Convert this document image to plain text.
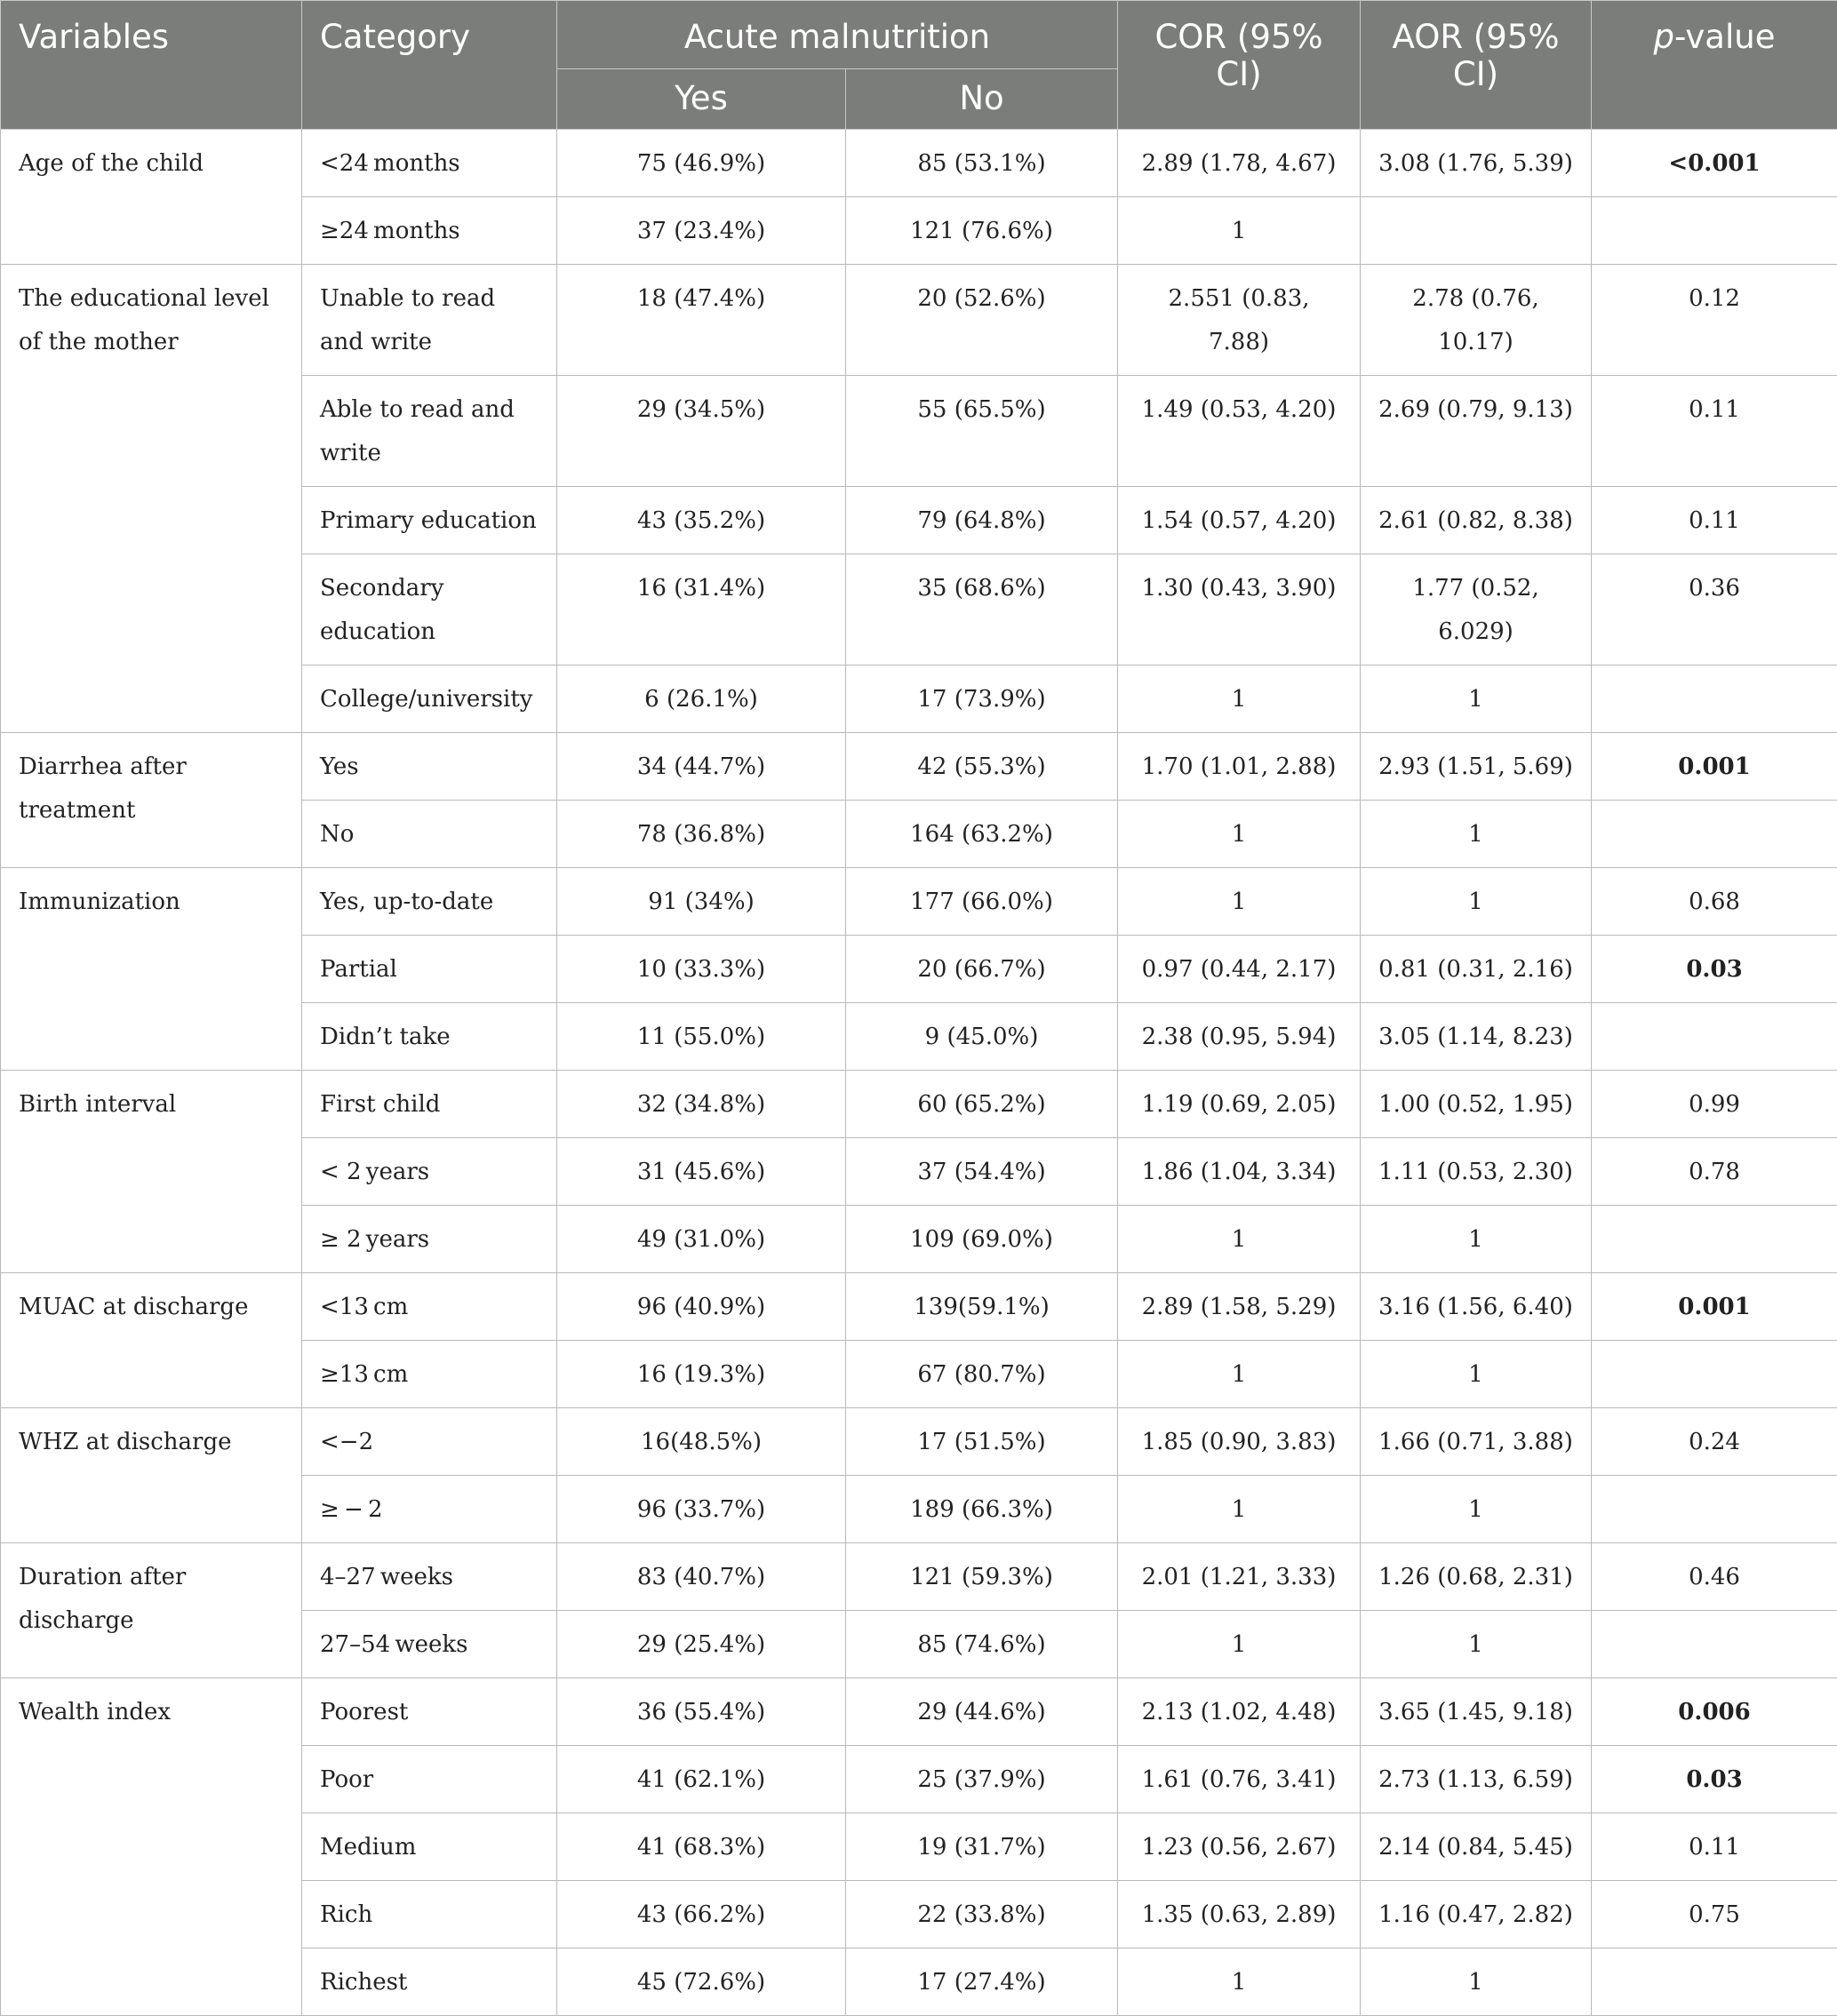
Variables	Category	Acute malnutrition		COR (95% CI)	AOR (95% CI)	p-value
		Yes	No			
Age of the child	<24 months	75 (46.9%)	85 (53.1%)	2.89 (1.78, 4.67)	3.08 (1.76, 5.39)	<0.001
	≥24 months	37 (23.4%)	121 (76.6%)	1		
The educational level of the mother	Unable to read and write	18 (47.4%)	20 (52.6%)	2.551 (0.83, 7.88)	2.78 (0.76, 10.17)	0.12
	Able to read and write	29 (34.5%)	55 (65.5%)	1.49 (0.53, 4.20)	2.69 (0.79, 9.13)	0.11
	Primary education	43 (35.2%)	79 (64.8%)	1.54 (0.57, 4.20)	2.61 (0.82, 8.38)	0.11
	Secondary education	16 (31.4%)	35 (68.6%)	1.30 (0.43, 3.90)	1.77 (0.52, 6.029)	0.36
	College/university	6 (26.1%)	17 (73.9%)	1	1	
Diarrhea after treatment	Yes	34 (44.7%)	42 (55.3%)	1.70 (1.01, 2.88)	2.93 (1.51, 5.69)	0.001
	No	78 (36.8%)	164 (63.2%)	1	1	
Immunization	Yes, up-to-date	91 (34%)	177 (66.0%)	1	1	0.68
	Partial	10 (33.3%)	20 (66.7%)	0.97 (0.44, 2.17)	0.81 (0.31, 2.16)	0.03
	Didn’t take	11 (55.0%)	9 (45.0%)	2.38 (0.95, 5.94)	3.05 (1.14, 8.23)	
Birth interval	First child	32 (34.8%)	60 (65.2%)	1.19 (0.69, 2.05)	1.00 (0.52, 1.95)	0.99
	< 2 years	31 (45.6%)	37 (54.4%)	1.86 (1.04, 3.34)	1.11 (0.53, 2.30)	0.78
	≥ 2 years	49 (31.0%)	109 (69.0%)	1	1	
MUAC at discharge	<13 cm	96 (40.9%)	139(59.1%)	2.89 (1.58, 5.29)	3.16 (1.56, 6.40)	0.001
	≥13 cm	16 (19.3%)	67 (80.7%)	1	1	
WHZ at discharge	<−2	16(48.5%)	17 (51.5%)	1.85 (0.90, 3.83)	1.66 (0.71, 3.88)	0.24
	≥ − 2	96 (33.7%)	189 (66.3%)	1	1	
Duration after discharge	4–27 weeks	83 (40.7%)	121 (59.3%)	2.01 (1.21, 3.33)	1.26 (0.68, 2.31)	0.46
	27–54 weeks	29 (25.4%)	85 (74.6%)	1	1	
Wealth index	Poorest	36 (55.4%)	29 (44.6%)	2.13 (1.02, 4.48)	3.65 (1.45, 9.18)	0.006
	Poor	41 (62.1%)	25 (37.9%)	1.61 (0.76, 3.41)	2.73 (1.13, 6.59)	0.03
	Medium	41 (68.3%)	19 (31.7%)	1.23 (0.56, 2.67)	2.14 (0.84, 5.45)	0.11
	Rich	43 (66.2%)	22 (33.8%)	1.35 (0.63, 2.89)	1.16 (0.47, 2.82)	0.75
	Richest	45 (72.6%)	17 (27.4%)	1	1	
